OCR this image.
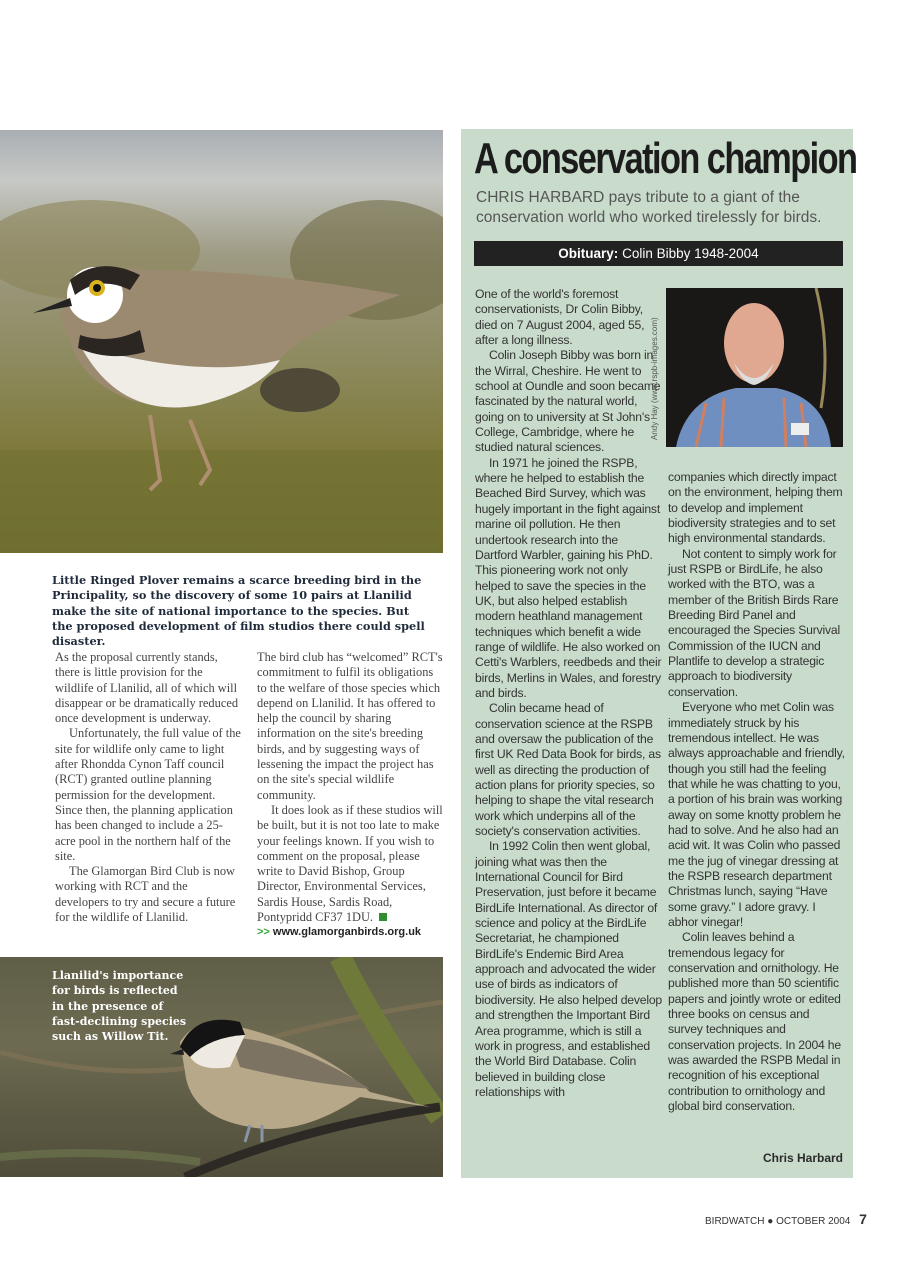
Little Ringed Plover remains a scarce breeding bird in the Principality, so the discovery of some 10 pairs at Llanilid make the site of national importance to the species. But the proposed development of film studios there could spell disaster.

As the proposal currently stands, there is little provision for the wildlife of Llanilid, all of which will disappear or be dramatically reduced once development is underway.

Unfortunately, the full value of the site for wildlife only came to light after Rhondda Cynon Taff council (RCT) granted outline planning permission for the development. Since then, the planning application has been changed to include a 25-acre pool in the northern half of the site.

The Glamorgan Bird Club is now working with RCT and the developers to try and secure a future for the wildlife of Llanilid.

The bird club has “welcomed” RCT's commitment to fulfil its obligations to the welfare of those species which depend on Llanilid. It has offered to help the council by sharing information on the site's breeding birds, and by suggesting ways of lessening the impact the project has on the site's special wildlife community.

It does look as if these studios will be built, but it is not too late to make your feelings known. If you wish to comment on the proposal, please write to David Bishop, Group Director, Environmental Services, Sardis House, Sardis Road, Pontypridd CF37 1DU.

>> www.glamorganbirds.org.uk
Llanilid's importance for birds is reflected in the presence of fast-declining species such as Willow Tit.
A conservation champion
CHRIS HARBARD pays tribute to a giant of the conservation world who worked tirelessly for birds.
Obituary: Colin Bibby 1948-2004

One of the world's foremost conservationists, Dr Colin Bibby, died on 7 August 2004, aged 55, after a long illness.

Colin Joseph Bibby was born in the Wirral, Cheshire. He went to school at Oundle and soon became fascinated by the natural world, going on to university at St John's College, Cambridge, where he studied natural sciences.

In 1971 he joined the RSPB, where he helped to establish the Beached Bird Survey, which was hugely important in the fight against marine oil pollution. He then undertook research into the Dartford Warbler, gaining his PhD. This pioneering work not only helped to save the species in the UK, but also helped establish modern heathland management techniques which benefit a wide range of wildlife. He also worked on Cetti's Warblers, reedbeds and their birds, Merlins in Wales, and forestry and birds.

Colin became head of conservation science at the RSPB and oversaw the publication of the first UK Red Data Book for birds, as well as directing the production of action plans for priority species, so helping to shape the vital research work which underpins all of the society's conservation activities.

In 1992 Colin then went global, joining what was then the International Council for Bird Preservation, just before it became BirdLife International. As director of science and policy at the BirdLife Secretariat, he championed BirdLife's Endemic Bird Area approach and advocated the wider use of birds as indicators of biodiversity. He also helped develop and strengthen the Important Bird Area programme, which is still a work in progress, and established the World Bird Database. Colin believed in building close relationships with

Andy Hay (www.rspb-images.com)

companies which directly impact on the environment, helping them to develop and implement biodiversity strategies and to set high environmental standards.

Not content to simply work for just RSPB or BirdLife, he also worked with the BTO, was a member of the British Birds Rare Breeding Bird Panel and encouraged the Species Survival Commission of the IUCN and Plantlife to develop a strategic approach to biodiversity conservation.

Everyone who met Colin was immediately struck by his tremendous intellect. He was always approachable and friendly, though you still had the feeling that while he was chatting to you, a portion of his brain was working away on some knotty problem he had to solve. And he also had an acid wit. It was Colin who passed me the jug of vinegar dressing at the RSPB research department Christmas lunch, saying “Have some gravy.” I adore gravy. I abhor vinegar!

Colin leaves behind a tremendous legacy for conservation and ornithology. He published more than 50 scientific papers and jointly wrote or edited three books on census and survey techniques and conservation projects. In 2004 he was awarded the RSPB Medal in recognition of his exceptional contribution to ornithology and global bird conservation.

Chris Harbard
BIRDWATCH ● OCTOBER 2004 7
